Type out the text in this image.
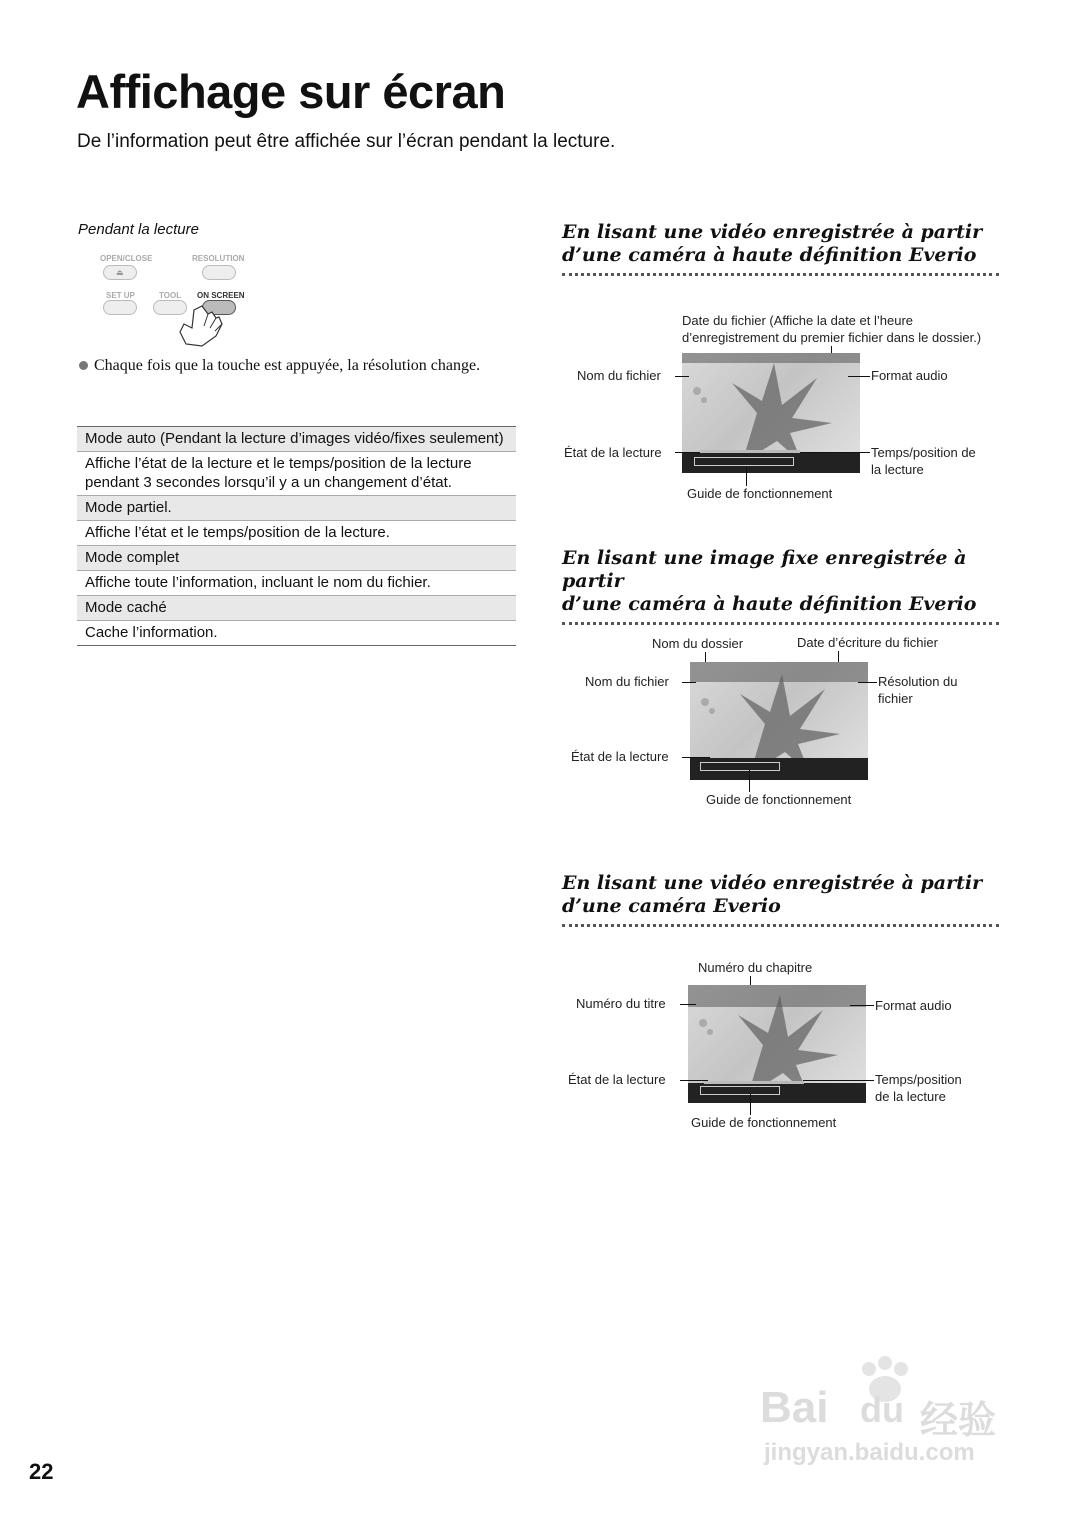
Affichage sur écran
De l’information peut être affichée sur l’écran pendant la lecture.
Pendant la lecture
OPEN/CLOSE	RESOLUTION
⏏
SET UP	TOOL ON SCREEN
Chaque fois que la touche est appuyée, la résolution change.
Mode auto (Pendant la lecture d’images vidéo/fixes seulement)
Affiche l’état de la lecture et le temps/position de la lecture pendant 3 secondes lorsqu’il y a un changement d’état.
Mode partiel.
Affiche l’état et le temps/position de la lecture.
Mode complet
Affiche toute l’information, incluant le nom du fichier.
Mode caché
Cache l’information.
En lisant une vidéo enregistrée à partir
d’une caméra à haute définition Everio
Date du fichier (Affiche la date et l’heure
d’enregistrement du premier fichier dans le dossier.)
Nom du fichier	Format audio
État de la lecture	Temps/position de
la lecture
Guide de fonctionnement
En lisant une image fixe enregistrée à partir
d’une caméra à haute définition Everio
Nom du dossier	Date d’écriture du fichier
Nom du fichier	Résolution du
fichier
État de la lecture
Guide de fonctionnement
En lisant une vidéo enregistrée à partir
d’une caméra Everio
Numéro du chapitre
Numéro du titre	Format audio
État de la lecture	Temps/position
de la lecture
Guide de fonctionnement
22
Bai du 经验
jingyan.baidu.com
